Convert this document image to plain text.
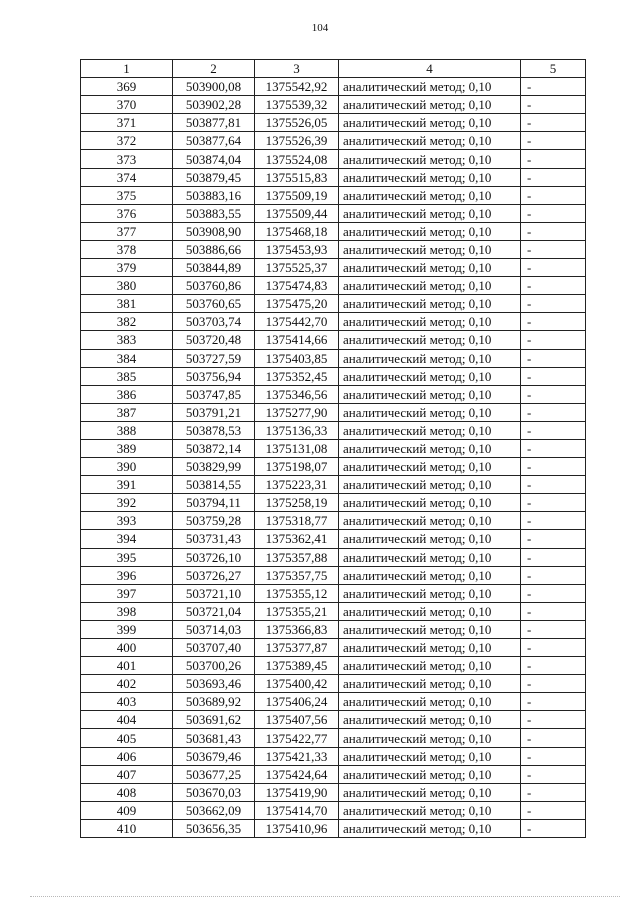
104
1	2	3	4	5
369	503900,08	1375542,92	аналитический метод; 0,10	-
370	503902,28	1375539,32	аналитический метод; 0,10	-
371	503877,81	1375526,05	аналитический метод; 0,10	-
372	503877,64	1375526,39	аналитический метод; 0,10	-
373	503874,04	1375524,08	аналитический метод; 0,10	-
374	503879,45	1375515,83	аналитический метод; 0,10	-
375	503883,16	1375509,19	аналитический метод; 0,10	-
376	503883,55	1375509,44	аналитический метод; 0,10	-
377	503908,90	1375468,18	аналитический метод; 0,10	-
378	503886,66	1375453,93	аналитический метод; 0,10	-
379	503844,89	1375525,37	аналитический метод; 0,10	-
380	503760,86	1375474,83	аналитический метод; 0,10	-
381	503760,65	1375475,20	аналитический метод; 0,10	-
382	503703,74	1375442,70	аналитический метод; 0,10	-
383	503720,48	1375414,66	аналитический метод; 0,10	-
384	503727,59	1375403,85	аналитический метод; 0,10	-
385	503756,94	1375352,45	аналитический метод; 0,10	-
386	503747,85	1375346,56	аналитический метод; 0,10	-
387	503791,21	1375277,90	аналитический метод; 0,10	-
388	503878,53	1375136,33	аналитический метод; 0,10	-
389	503872,14	1375131,08	аналитический метод; 0,10	-
390	503829,99	1375198,07	аналитический метод; 0,10	-
391	503814,55	1375223,31	аналитический метод; 0,10	-
392	503794,11	1375258,19	аналитический метод; 0,10	-
393	503759,28	1375318,77	аналитический метод; 0,10	-
394	503731,43	1375362,41	аналитический метод; 0,10	-
395	503726,10	1375357,88	аналитический метод; 0,10	-
396	503726,27	1375357,75	аналитический метод; 0,10	-
397	503721,10	1375355,12	аналитический метод; 0,10	-
398	503721,04	1375355,21	аналитический метод; 0,10	-
399	503714,03	1375366,83	аналитический метод; 0,10	-
400	503707,40	1375377,87	аналитический метод; 0,10	-
401	503700,26	1375389,45	аналитический метод; 0,10	-
402	503693,46	1375400,42	аналитический метод; 0,10	-
403	503689,92	1375406,24	аналитический метод; 0,10	-
404	503691,62	1375407,56	аналитический метод; 0,10	-
405	503681,43	1375422,77	аналитический метод; 0,10	-
406	503679,46	1375421,33	аналитический метод; 0,10	-
407	503677,25	1375424,64	аналитический метод; 0,10	-
408	503670,03	1375419,90	аналитический метод; 0,10	-
409	503662,09	1375414,70	аналитический метод; 0,10	-
410	503656,35	1375410,96	аналитический метод; 0,10	-
